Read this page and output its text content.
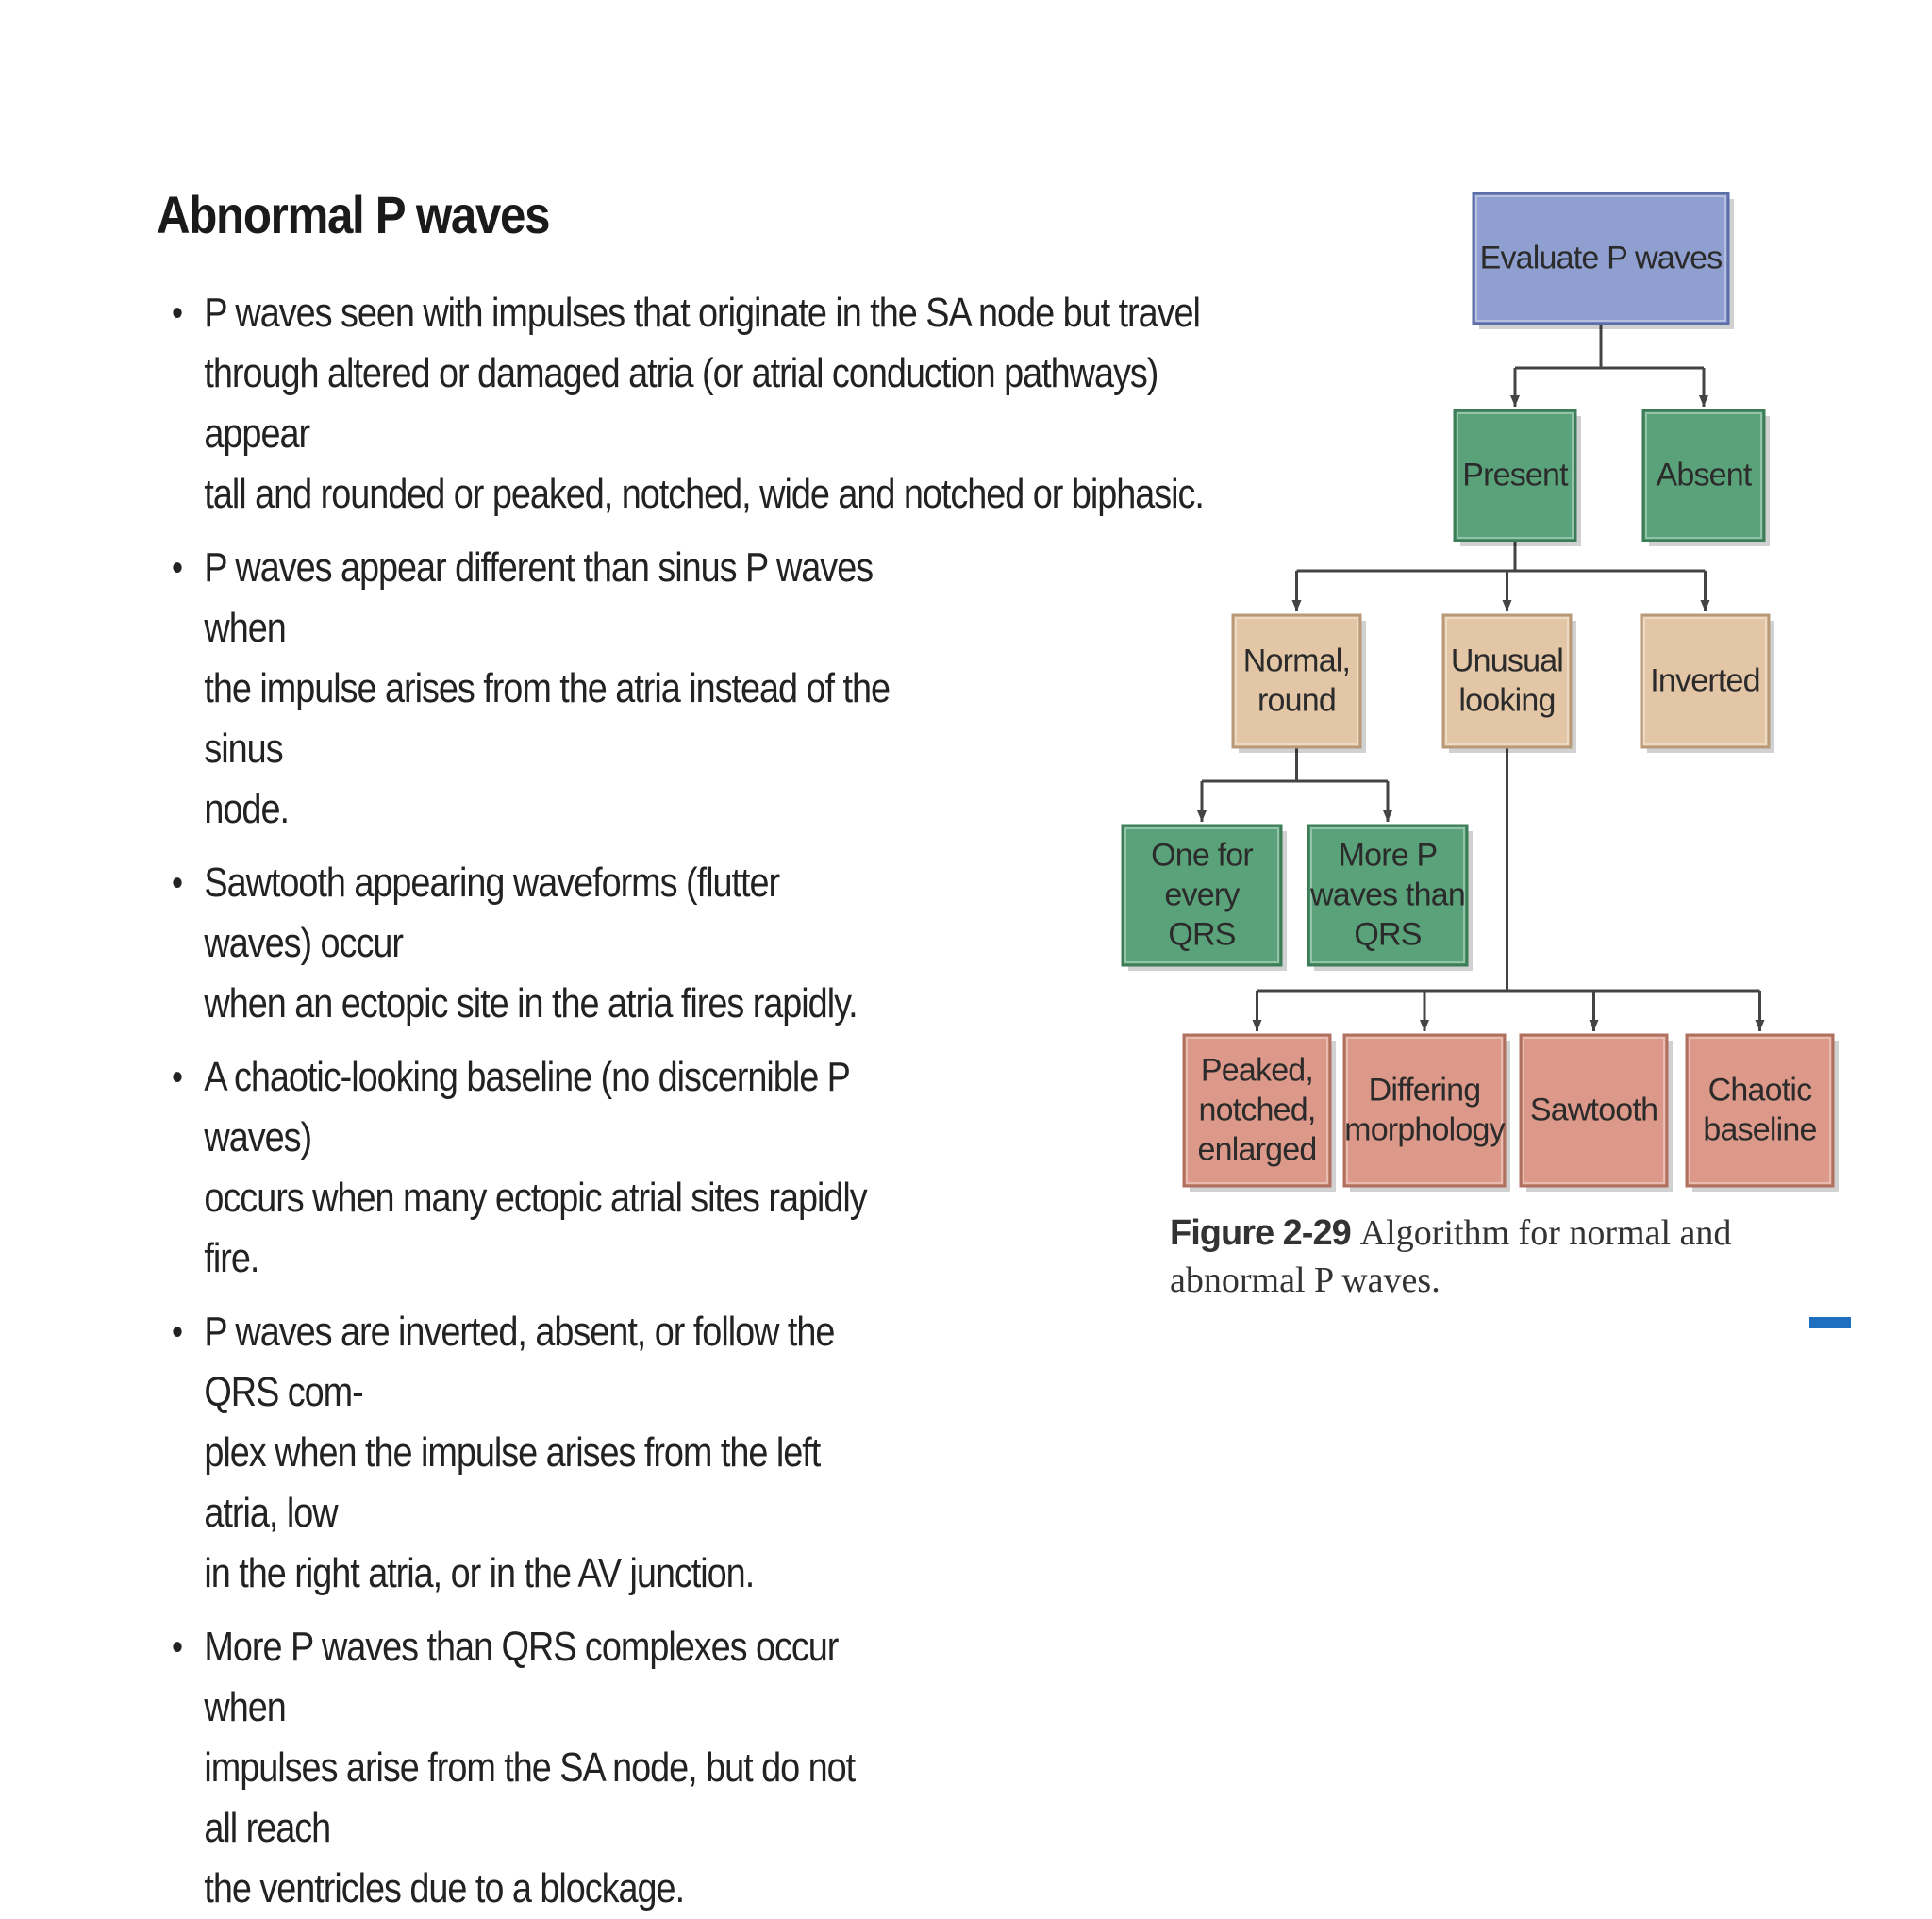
Abnormal P waves
• P waves seen with impulses that originate in the SA node but travel
through altered or damaged atria (or atrial conduction pathways) appear
tall and rounded or peaked, notched, wide and notched or biphasic.
• P waves appear different than sinus P waves when
the impulse arises from the atria instead of the sinus
node.
• Sawtooth appearing waveforms (flutter waves) occur
when an ectopic site in the atria fires rapidly.
• A chaotic-looking baseline (no discernible P waves)
occurs when many ectopic atrial sites rapidly fire.
• P waves are inverted, absent, or follow the QRS com-
plex when the impulse arises from the left atria, low
in the right atria, or in the AV junction.
• More P waves than QRS complexes occur when
impulses arise from the SA node, but do not all reach
the ventricles due to a blockage.
Evaluate P waves
Present	Absent
Normal,
round
Unusual
looking
Inverted
One for
every
QRS
More P
waves than
QRS
Peaked,
notched,
enlarged
Differing
morphology
Sawtooth
Chaotic
baseline
Figure 2-29 Algorithm for normal and abnormal P waves.
